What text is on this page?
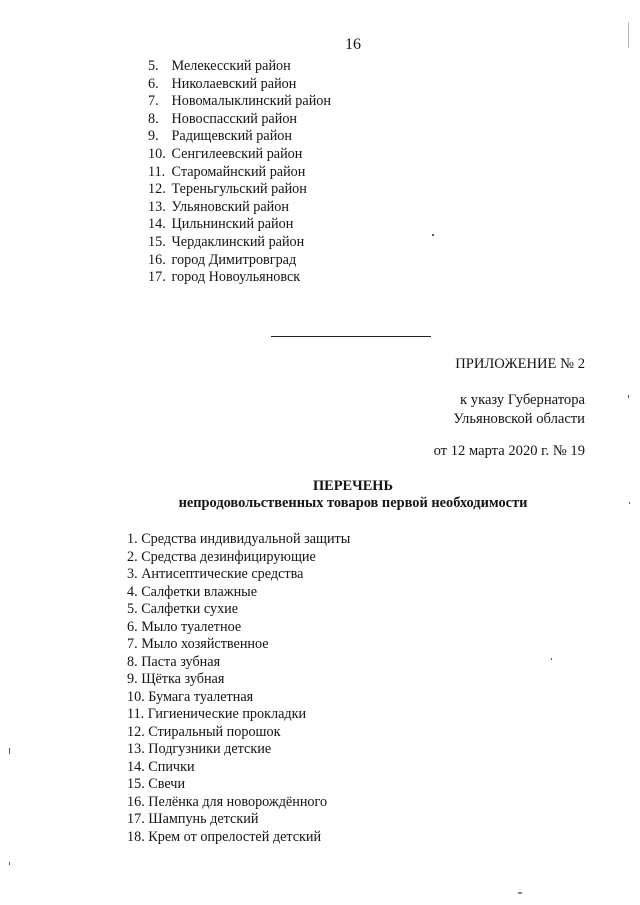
16
5. Мелекесский район
6. Николаевский район
7. Новомалыклинский район
8. Новоспасский район
9. Радищевский район
10. Сенгилеевский район
11. Старомайнский район
12. Тереньгульский район
13. Ульяновский район
14. Цильнинский район
15. Чердаклинский район
16. город Димитровград
17. город Новоульяновск
ПРИЛОЖЕНИЕ № 2
к указу Губернатора
Ульяновской области
от 12 марта 2020 г. № 19
ПЕРЕЧЕНЬ
непродовольственных товаров первой необходимости
1. Средства индивидуальной защиты
2. Средства дезинфицирующие
3. Антисептические средства
4. Салфетки влажные
5. Салфетки сухие
6. Мыло туалетное
7. Мыло хозяйственное
8. Паста зубная
9. Щётка зубная
10. Бумага туалетная
11. Гигиенические прокладки
12. Стиральный порошок
13. Подгузники детские
14. Спички
15. Свечи
16. Пелёнка для новорождённого
17. Шампунь детский
18. Крем от опрелостей детский
